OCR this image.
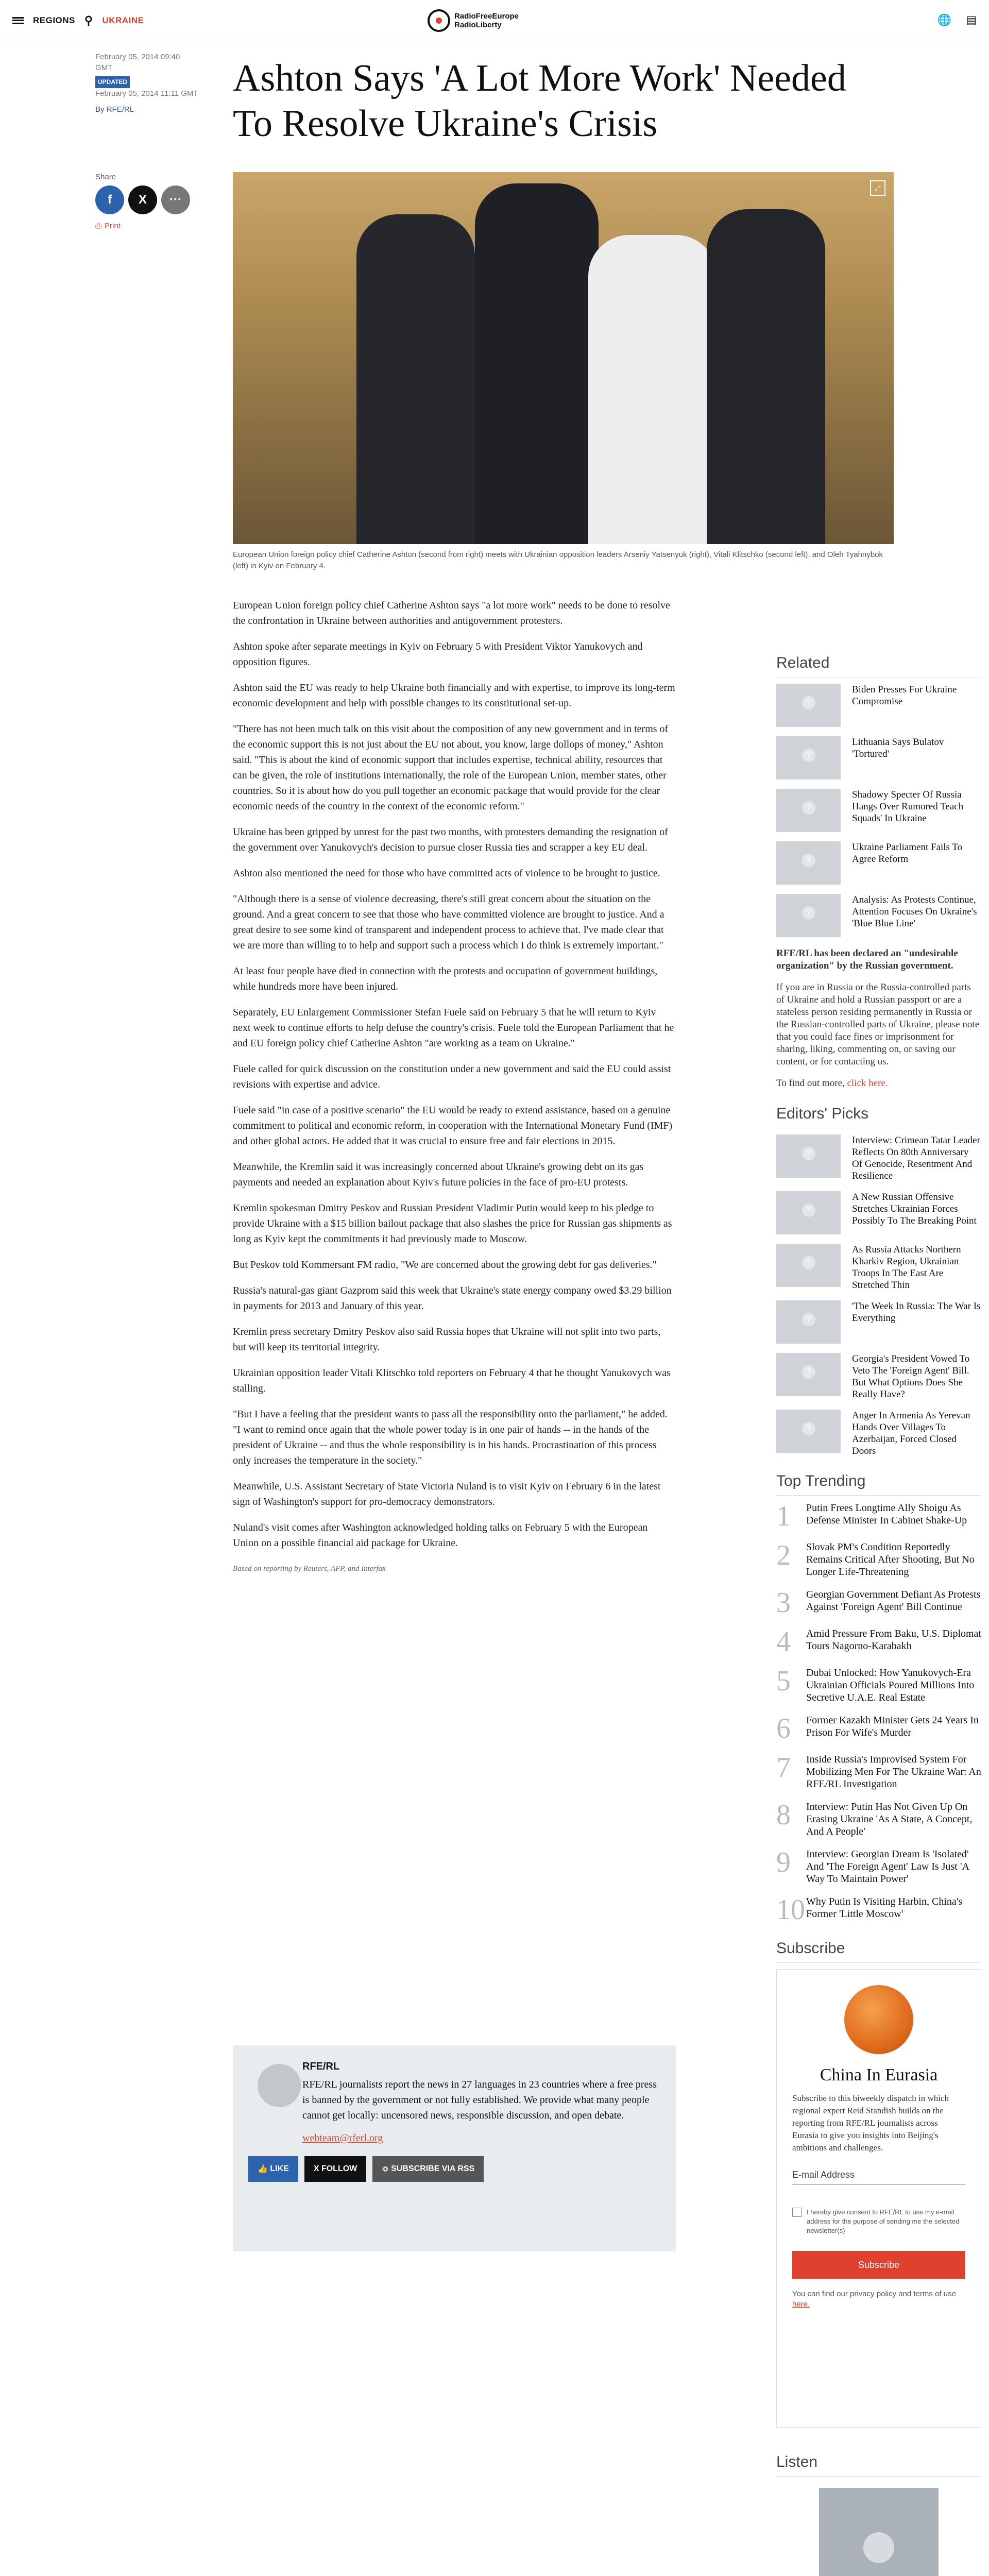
REGIONS ⚲ UKRAINE	RadioFreeEurope
RadioLiberty	🌐 ▤
February 05, 2014 09:40 GMT
UPDATED
February 05, 2014 11:11 GMT
By RFE/RL
Ashton Says 'A Lot More Work' Needed To Resolve Ukraine's Crisis
Share
f	X	···
⎙ Print
⤢
European Union foreign policy chief Catherine Ashton (second from right) meets with Ukrainian opposition leaders Arseniy Yatsenyuk (right), Vitali Klitschko (second left), and Oleh Tyahnybok (left) in Kyiv on February 4.

European Union foreign policy chief Catherine Ashton says "a lot more work" needs to be done to resolve the confrontation in Ukraine between authorities and antigovernment protesters.

Ashton spoke after separate meetings in Kyiv on February 5 with President Viktor Yanukovych and opposition figures.

Ashton said the EU was ready to help Ukraine both financially and with expertise, to improve its long-term economic development and help with possible changes to its constitutional set-up.

"There has not been much talk on this visit about the composition of any new government and in terms of the economic support this is not just about the EU not about, you know, large dollops of money," Ashton said. "This is about the kind of economic support that includes expertise, technical ability, resources that can be given, the role of institutions internationally, the role of the European Union, member states, other countries. So it is about how do you pull together an economic package that would provide for the clear economic needs of the country in the context of the economic reform."

Ukraine has been gripped by unrest for the past two months, with protesters demanding the resignation of the government over Yanukovych's decision to pursue closer Russia ties and scrapper a key EU deal.

Ashton also mentioned the need for those who have committed acts of violence to be brought to justice.

"Although there is a sense of violence decreasing, there's still great concern about the situation on the ground. And a great concern to see that those who have committed violence are brought to justice. And a great desire to see some kind of transparent and independent process to achieve that. I've made clear that we are more than willing to to help and support such a process which I do think is extremely important."

At least four people have died in connection with the protests and occupation of government buildings, while hundreds more have been injured.

Separately, EU Enlargement Commissioner Stefan Fuele said on February 5 that he will return to Kyiv next week to continue efforts to help defuse the country's crisis. Fuele told the European Parliament that he and EU foreign policy chief Catherine Ashton "are working as a team on Ukraine."

Fuele called for quick discussion on the constitution under a new government and said the EU could assist revisions with expertise and advice.

Fuele said "in case of a positive scenario" the EU would be ready to extend assistance, based on a genuine commitment to political and economic reform, in cooperation with the International Monetary Fund (IMF) and other global actors. He added that it was crucial to ensure free and fair elections in 2015.

Meanwhile, the Kremlin said it was increasingly concerned about Ukraine's growing debt on its gas payments and needed an explanation about Kyiv's future policies in the face of pro-EU protests.

Kremlin spokesman Dmitry Peskov and Russian President Vladimir Putin would keep to his pledge to provide Ukraine with a $15 billion bailout package that also slashes the price for Russian gas shipments as long as Kyiv kept the commitments it had previously made to Moscow.

But Peskov told Kommersant FM radio, "We are concerned about the growing debt for gas deliveries."

Russia's natural-gas giant Gazprom said this week that Ukraine's state energy company owed $3.29 billion in payments for 2013 and January of this year.

Kremlin press secretary Dmitry Peskov also said Russia hopes that Ukraine will not split into two parts, but will keep its territorial integrity.

Ukrainian opposition leader Vitali Klitschko told reporters on February 4 that he thought Yanukovych was stalling.

"But I have a feeling that the president wants to pass all the responsibility onto the parliament," he added. "I want to remind once again that the whole power today is in one pair of hands -- in the hands of the president of Ukraine -- and thus the whole responsibility is in his hands. Procrastination of this process only increases the temperature in the society."

Meanwhile, U.S. Assistant Secretary of State Victoria Nuland is to visit Kyiv on February 6 in the latest sign of Washington's support for pro-democracy demonstrators.

Nuland's visit comes after Washington acknowledged holding talks on February 5 with the European Union on a possible financial aid package for Ukraine.

Based on reporting by Reuters, AFP, and Interfax

RFE/RL
RFE/RL journalists report the news in 27 languages in 23 countries where a free press is banned by the government or not fully established. We provide what many people cannot get locally: uncensored news, responsible discussion, and open debate.
webteam@rferl.org
👍 LIKE	X FOLLOW	≎ SUBSCRIBE VIA RSS
Related
?
Biden Presses For Ukraine Compromise
?
Lithuania Says Bulatov 'Tortured'
?
Shadowy Specter Of Russia Hangs Over Rumored Teach Squads' In Ukraine
?
Ukraine Parliament Fails To Agree Reform
?
Analysis: As Protests Continue, Attention Focuses On Ukraine's 'Blue Blue Line'
RFE/RL has been declared an "undesirable organization" by the Russian government.
If you are in Russia or the Russia-controlled parts of Ukraine and hold a Russian passport or are a stateless person residing permanently in Russia or the Russian-controlled parts of Ukraine, please note that you could face fines or imprisonment for sharing, liking, commenting on, or saving our content, or for contacting us.
To find out more, click here.
Editors' Picks
?
Interview: Crimean Tatar Leader Reflects On 80th Anniversary Of Genocide, Resentment And Resilience
?
A New Russian Offensive Stretches Ukrainian Forces Possibly To The Breaking Point
?
As Russia Attacks Northern Kharkiv Region, Ukrainian Troops In The East Are Stretched Thin
?
'The Week In Russia: The War Is Everything
?
Georgia's President Vowed To Veto The 'Foreign Agent' Bill. But What Options Does She Really Have?
?
Anger In Armenia As Yerevan Hands Over Villages To Azerbaijan, Forced Closed Doors
Top Trending
1	Putin Frees Longtime Ally Shoigu As Defense Minister In Cabinet Shake-Up
2	Slovak PM's Condition Reportedly Remains Critical After Shooting, But No Longer Life-Threatening
3	Georgian Government Defiant As Protests Against 'Foreign Agent' Bill Continue
4	Amid Pressure From Baku, U.S. Diplomat Tours Nagorno-Karabakh
5	Dubai Unlocked: How Yanukovych-Era Ukrainian Officials Poured Millions Into Secretive U.A.E. Real Estate
6	Former Kazakh Minister Gets 24 Years In Prison For Wife's Murder
7	Inside Russia's Improvised System For Mobilizing Men For The Ukraine War: An RFE/RL Investigation
8	Interview: Putin Has Not Given Up On Erasing Ukraine 'As A State, A Concept, And A People'
9	Interview: Georgian Dream Is 'Isolated' And 'The Foreign Agent' Law Is Just 'A Way To Maintain Power'
10 Why Putin Is Visiting Harbin, China's Former 'Little Moscow'
Subscribe
China In Eurasia
Subscribe to this biweekly dispatch in which regional expert Reid Standish builds on the reporting from RFE/RL journalists across Eurasia to give you insights into Beijing's ambitions and challenges.
E-mail Address
I hereby give consent to RFE/RL to use my e-mail address for the purpose of sending me the selected newsletter(s)
Subscribe
You can find our privacy policy and terms of use here.
Listen
